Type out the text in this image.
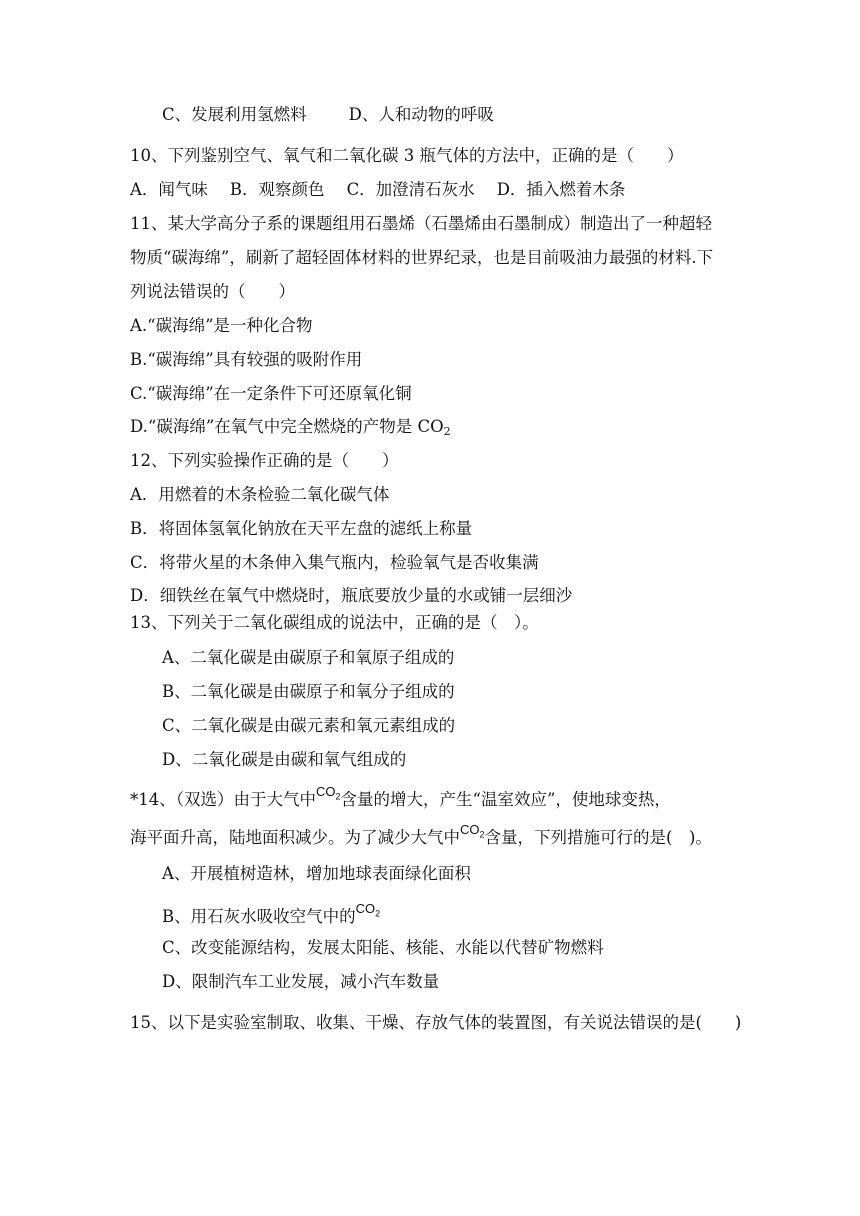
C、发展利用氢燃料	D、人和动物的呼吸
10、下列鉴别空气、氧气和二氧化碳 3 瓶气体的方法中，正确的是（　　）
A．闻气味 B．观察颜色 C．加澄清石灰水 D．插入燃着木条
11、某大学高分子系的课题组用石墨烯（石墨烯由石墨制成）制造出了一种超轻
物质“碳海绵”，刷新了超轻固体材料的世界纪录，也是目前吸油力最强的材料.下
列说法错误的（　　）
A.“碳海绵”是一种化合物
B.“碳海绵”具有较强的吸附作用
C.“碳海绵”在一定条件下可还原氧化铜
D.“碳海绵”在氧气中完全燃烧的产物是 $CO_2$
12、下列实验操作正确的是（　　）
A．用燃着的木条检验二氧化碳气体
B．将固体氢氧化钠放在天平左盘的滤纸上称量
C．将带火星的木条伸入集气瓶内，检验氧气是否收集满
D．细铁丝在氧气中燃烧时，瓶底要放少量的水或铺一层细沙
13、下列关于二氧化碳组成的说法中，正确的是（　）。
A、二氧化碳是由碳原子和氧原子组成的
B、二氧化碳是由碳原子和氧分子组成的
C、二氧化碳是由碳元素和氧元素组成的
D、二氧化碳是由碳和氧气组成的
*14、（双选）由于大气中$^{CO_2}$含量的增大，产生“温室效应”，使地球变热，
海平面升高，陆地面积减少。为了减少大气中$^{CO_2}$含量，下列措施可行的是(　)。
A、开展植树造林，增加地球表面绿化面积
B、用石灰水吸收空气中的$^{CO_2}$
C、改变能源结构，发展太阳能、核能、水能以代替矿物燃料
D、限制汽车工业发展，减小汽车数量
15、以下是实验室制取、收集、干燥、存放气体的装置图，有关说法错误的是(　　)
